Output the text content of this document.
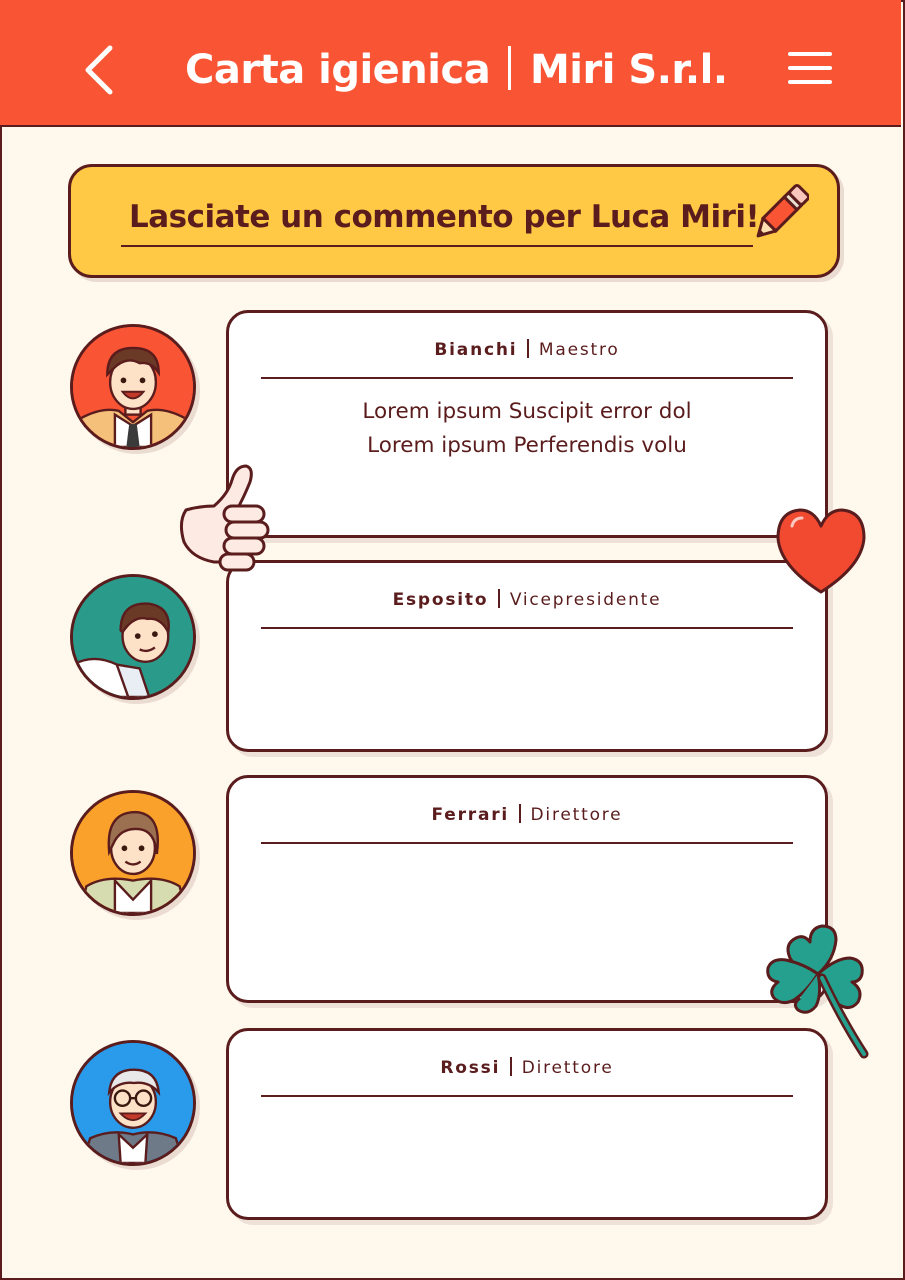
Carta igienica Miri S.r.l.
Lasciate un commento per Luca Miri!
Bianchi Maestro
Lorem ipsum Suscipit error dol
Lorem ipsum Perferendis volu
Esposito Vicepresidente
Ferrari Direttore
Rossi Direttore
